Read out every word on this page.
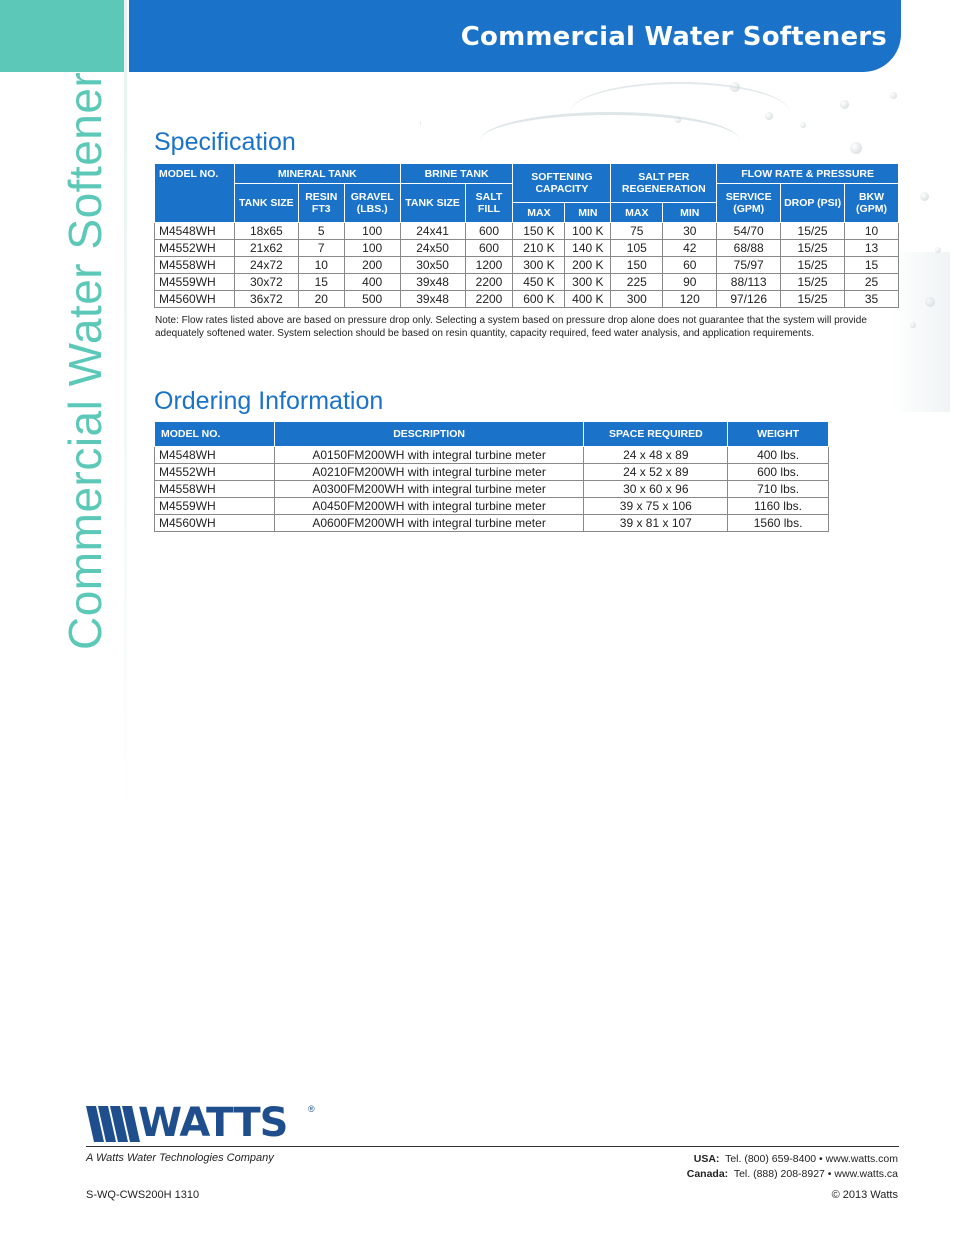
Commercial Water Softeners
Commercial Water Softeners
Specification
MODEL NO.	MINERAL TANK			BRINE TANK		SOFTENING CAPACITY		SALT PER REGENERATION		FLOW RATE & PRESSURE		
	TANK SIZE	RESIN FT3	GRAVEL (LBS.)	TANK SIZE	SALT FILL					SERVICE (GPM)	DROP (PSI)	BKW (GPM)
						MAX	MIN	MAX	MIN			
M4548WH	18x65	5	100	24x41	600	150 K	100 K	75	30	54/70	15/25	10
M4552WH	21x62	7	100	24x50	600	210 K	140 K	105	42	68/88	15/25	13
M4558WH	24x72	10	200	30x50	1200	300 K	200 K	150	60	75/97	15/25	15
M4559WH	30x72	15	400	39x48	2200	450 K	300 K	225	90	88/113	15/25	25
M4560WH	36x72	20	500	39x48	2200	600 K	400 K	300	120	97/126	15/25	35
Note: Flow rates listed above are based on pressure drop only. Selecting a system based on pressure drop alone does not guarantee that the system will provide adequately softened water. System selection should be based on resin quantity, capacity required, feed water analysis, and application requirements.
Ordering Information
MODEL NO.	DESCRIPTION	SPACE REQUIRED	WEIGHT
M4548WH	A0150FM200WH with integral turbine meter	24 x 48 x 89	400 lbs.
M4552WH	A0210FM200WH with integral turbine meter	24 x 52 x 89	600 lbs.
M4558WH	A0300FM200WH with integral turbine meter	30 x 60 x 96	710 lbs.
M4559WH	A0450FM200WH with integral turbine meter	39 x 75 x 106	1160 lbs.
M4560WH	A0600FM200WH with integral turbine meter	39 x 81 x 107	1560 lbs.
WATTS ®
A Watts Water Technologies Company	USA: Tel. (800) 659-8400 • www.watts.com
Canada: Tel. (888) 208-8927 • www.watts.ca
S-WQ-CWS200H 1310	© 2013 Watts
